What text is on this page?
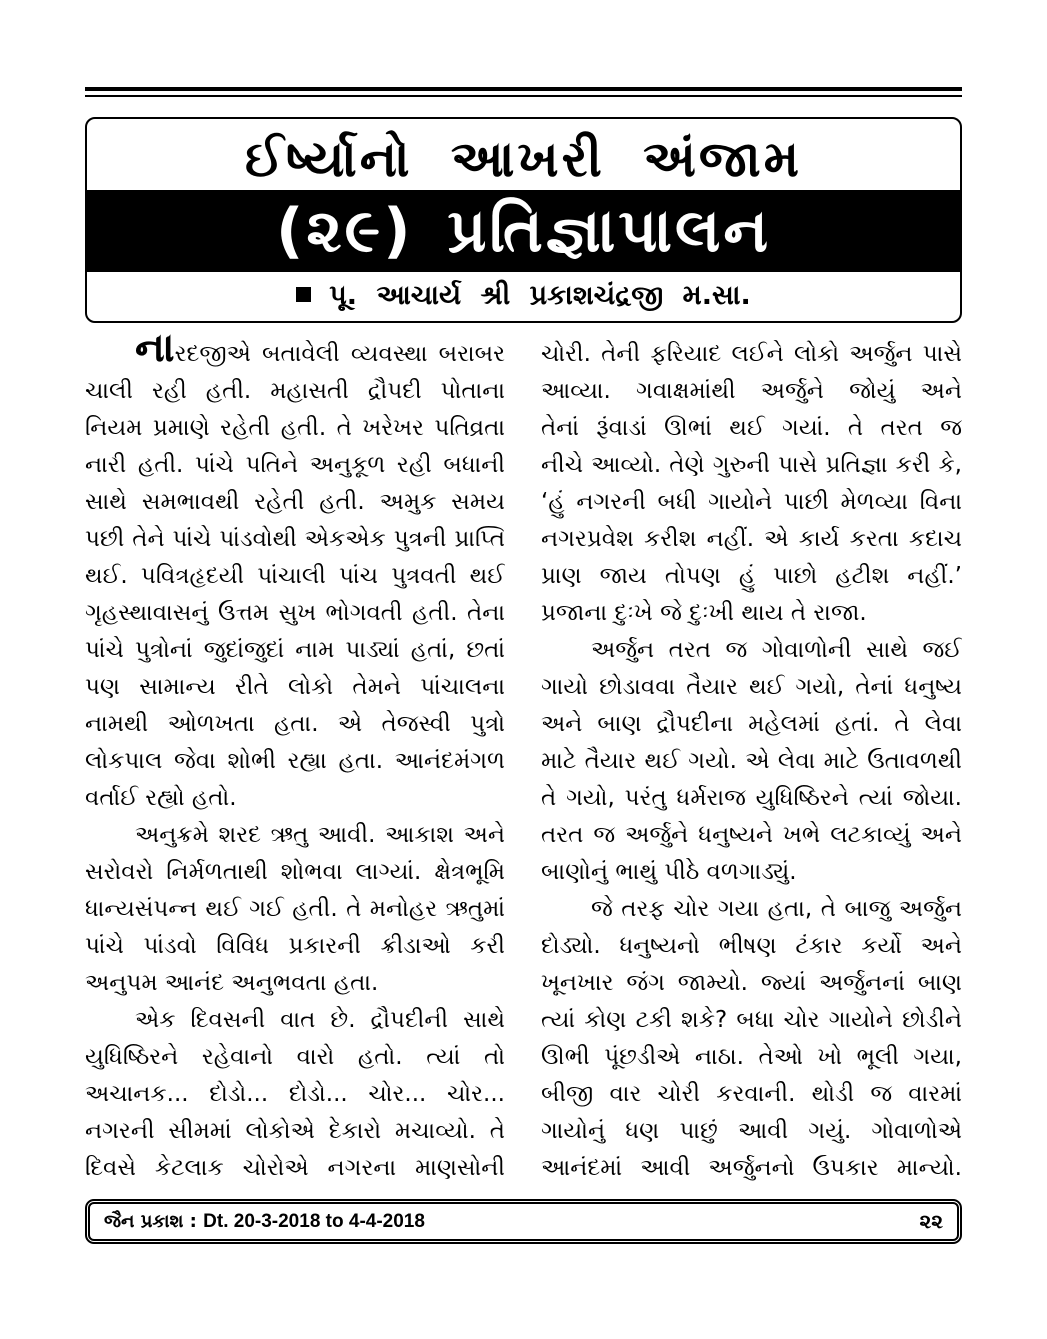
ઈર્ષ્યાનો આખરી અંજામ
(૨૯) પ્રતિજ્ઞાપાલન
પૂ. આચાર્ય શ્રી પ્રકાશચંદ્રજી મ.સા.
નારદજીએ બતાવેલી વ્યવસ્થા બરાબર
ચાલી રહી હતી. મહાસતી દ્રૌપદી પોતાના
નિયમ પ્રમાણે રહેતી હતી. તે ખરેખર પતિવ્રતા
નારી હતી. પાંચે પતિને અનુકૂળ રહી બધાની
સાથે સમભાવથી રહેતી હતી. અમુક સમય
પછી તેને પાંચે પાંડવોથી એકએક પુત્રની પ્રાપ્તિ
થઈ. પવિત્રહૃદયી પાંચાલી પાંચ પુત્રવતી થઈ
ગૃહસ્થાવાસનું ઉત્તમ સુખ ભોગવતી હતી. તેના
પાંચે પુત્રોનાં જુદાંજુદાં નામ પાડ્યાં હતાં, છતાં
પણ સામાન્ય રીતે લોકો તેમને પાંચાલના
નામથી ઓળખતા હતા. એ તેજસ્વી પુત્રો
લોકપાલ જેવા શોભી રહ્યા હતા. આનંદમંગળ
વર્તાઈ રહ્યો હતો.
અનુક્રમે શરદ ઋતુ આવી. આકાશ અને
સરોવરો નિર્મળતાથી શોભવા લાગ્યાં. ક્ષેત્રભૂમિ
ધાન્યસંપન્ન થઈ ગઈ હતી. તે મનોહર ઋતુમાં
પાંચે પાંડવો વિવિધ પ્રકારની ક્રીડાઓ કરી
અનુપમ આનંદ અનુભવતા હતા.
એક દિવસની વાત છે. દ્રૌપદીની સાથે
યુધિષ્ઠિરને રહેવાનો વારો હતો. ત્યાં તો
અચાનક... દોડો... દોડો... ચોર... ચોર...
નગરની સીમમાં લોકોએ દેકારો મચાવ્યો. તે
દિવસે કેટલાક ચોરોએ નગરના માણસોની
ચોરી. તેની ફરિયાદ લઈને લોકો અર્જુન પાસે
આવ્યા. ગવાક્ષમાંથી અર્જુને જોયું અને
તેનાં રૂંવાડાં ઊભાં થઈ ગયાં. તે તરત જ
નીચે આવ્યો. તેણે ગુરુની પાસે પ્રતિજ્ઞા કરી કે,
‘હું નગરની બધી ગાયોને પાછી મેળવ્યા વિના
નગરપ્રવેશ કરીશ નહીં. એ કાર્ય કરતા કદાચ
પ્રાણ જાય તોપણ હું પાછો હટીશ નહીં.’
પ્રજાના દુઃખે જે દુઃખી થાય તે રાજા.
અર્જુન તરત જ ગોવાળોની સાથે જઈ
ગાયો છોડાવવા તૈયાર થઈ ગયો, તેનાં ધનુષ્ય
અને બાણ દ્રૌપદીના મહેલમાં હતાં. તે લેવા
માટે તૈયાર થઈ ગયો. એ લેવા માટે ઉતાવળથી
તે ગયો, પરંતુ ધર્મરાજ યુધિષ્ઠિરને ત્યાં જોયા.
તરત જ અર્જુને ધનુષ્યને ખભે લટકાવ્યું અને
બાણોનું ભાથું પીઠે વળગાડ્યું.
જે તરફ ચોર ગયા હતા, તે બાજુ અર્જુન
દોડ્યો. ધનુષ્યનો ભીષણ ટંકાર કર્યો અને
ખૂનખાર જંગ જામ્યો. જ્યાં અર્જુનનાં બાણ
ત્યાં કોણ ટકી શકે? બધા ચોર ગાયોને છોડીને
ઊભી પૂંછડીએ નાઠા. તેઓ ખો ભૂલી ગયા,
બીજી વાર ચોરી કરવાની. થોડી જ વારમાં
ગાયોનું ધણ પાછું આવી ગયું. ગોવાળોએ
આનંદમાં આવી અર્જુનનો ઉપકાર માન્યો.
જૈન પ્રકાશ : Dt. 20-3-2018 to 4-4-2018	૨૨
